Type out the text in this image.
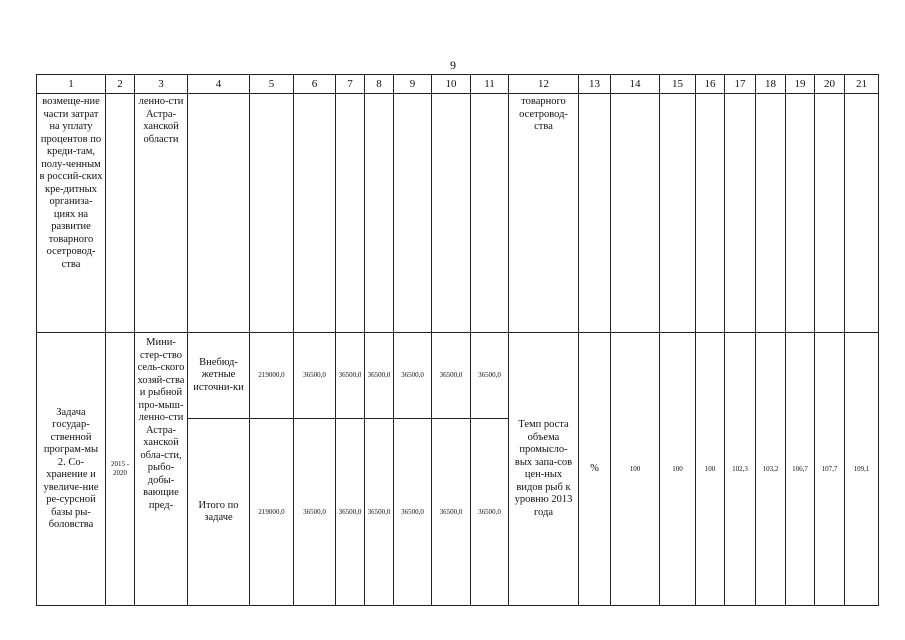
9
1	2	3	4	5	6	7	8	9	10	11	12	13	14	15	16	17	18	19	20	21

возмеще-ние части затрат на уплату процентов по креди-там, полу-ченным в россий-ских кре-дитных организа-циях на развитие товарного осетровод-ства		ленно-сти Астра-ханской области									товарного осетровод-ства									

Задача государ-ственной програм-мы 2. Со-хранение и увеличе-ние ре-сурсной базы ры-боловства	2015 - 2020	Мини-стер-ство сель-ского хозяй-ства и рыбной про-мыш-ленно-сти Астра-ханской обла-сти, рыбо-добы-вающие пред-	Внебюд-жетные источни-ки	219000,0	36500,0	36500,0	36500,0	36500,0	36500,0	36500,0	Темп роста объема промысло-вых запа-сов цен-ных видов рыб к уровню 2013 года	%	100	100	100	102,3	103,2	106,7	107,7	109,1

			Итого по задаче	219000,0	36500,0	36500,0	36500,0	36500,0	36500,0	36500,0										
